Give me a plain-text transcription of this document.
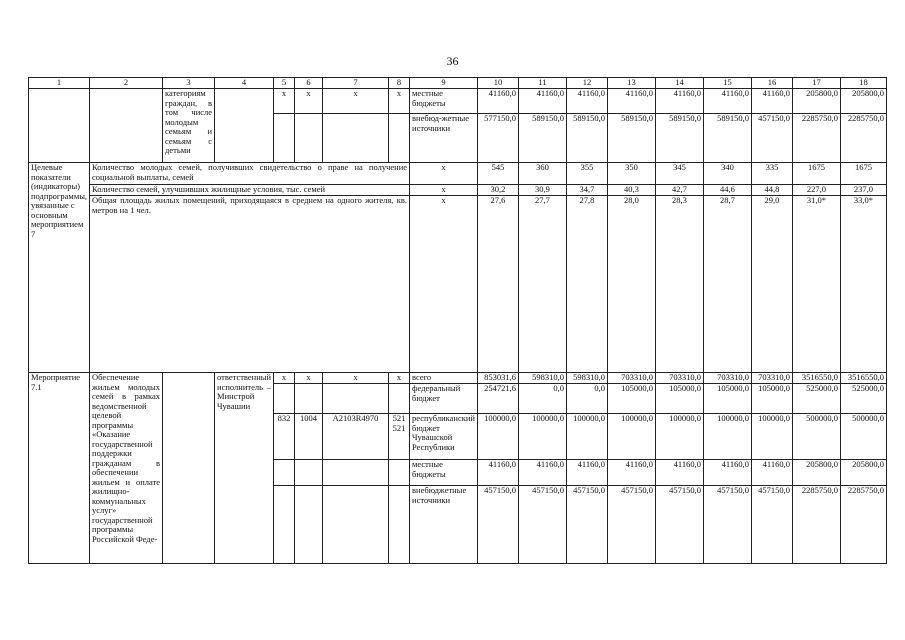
36
1	2	3	4	5	6	7	8	9	10	11	12	13	14	15	16	17	18
		категориям граждан, в том числе молодым семьям и семьям с детьми		x	x	x	x	местные бюджеты	41160,0	41160,0	41160,0	41160,0	41160,0	41160,0	41160,0	205800,0	205800,0
								внебюд-жетные источники	577150,0	589150,0	589150,0	589150,0	589150,0	589150,0	457150,0	2285750,0	2285750,0
Целевые показатели (индикаторы) подпрограммы, увязанные с основным мероприятием 7	Количество молодых семей, получивших свидетельство о праве на получение социальной выплаты, семей							x	545	360	355	350	345	340	335	1675	1675
	Количество семей, улучшивших жилищные условия, тыс. семей							x	30,2	30,9	34,7	40,3	42,7	44,6	44,8	227,0	237,0
	Общая площадь жилых помещений, приходящаяся в среднем на одного жителя, кв. метров на 1 чел.							x	27,6	27,7	27,8	28,0	28,3	28,7	29,0	31,0*	33,0*
Мероприятие 7.1	Обеспечение жильем молодых семей в рамках ведомственной целевой программы «Оказание государственной поддержки гражданам в обеспечении жильем и оплате жилищно-коммунальных услуг» государственной программы Российской Феде-		ответственный исполнитель – Минстрой Чувашии	x	x	x	x	всего	853031,6	598310,0	598310,0	703310,0	703310,0	703310,0	703310,0	3516550,0	3516550,0
								федеральный бюджет	254721,6	0,0	0,0	105000,0	105000,0	105000,0	105000,0	525000,0	525000,0
				832	1004	A2103R4970	521 521	республиканский бюджет Чувашской Республики	100000,0	100000,0	100000,0	100000,0	100000,0	100000,0	100000,0	500000,0	500000,0
								местные бюджеты	41160,0	41160,0	41160,0	41160,0	41160,0	41160,0	41160,0	205800,0	205800,0
								внебюджетные источники	457150,0	457150,0	457150,0	457150,0	457150,0	457150,0	457150,0	2285750,0	2285750,0
